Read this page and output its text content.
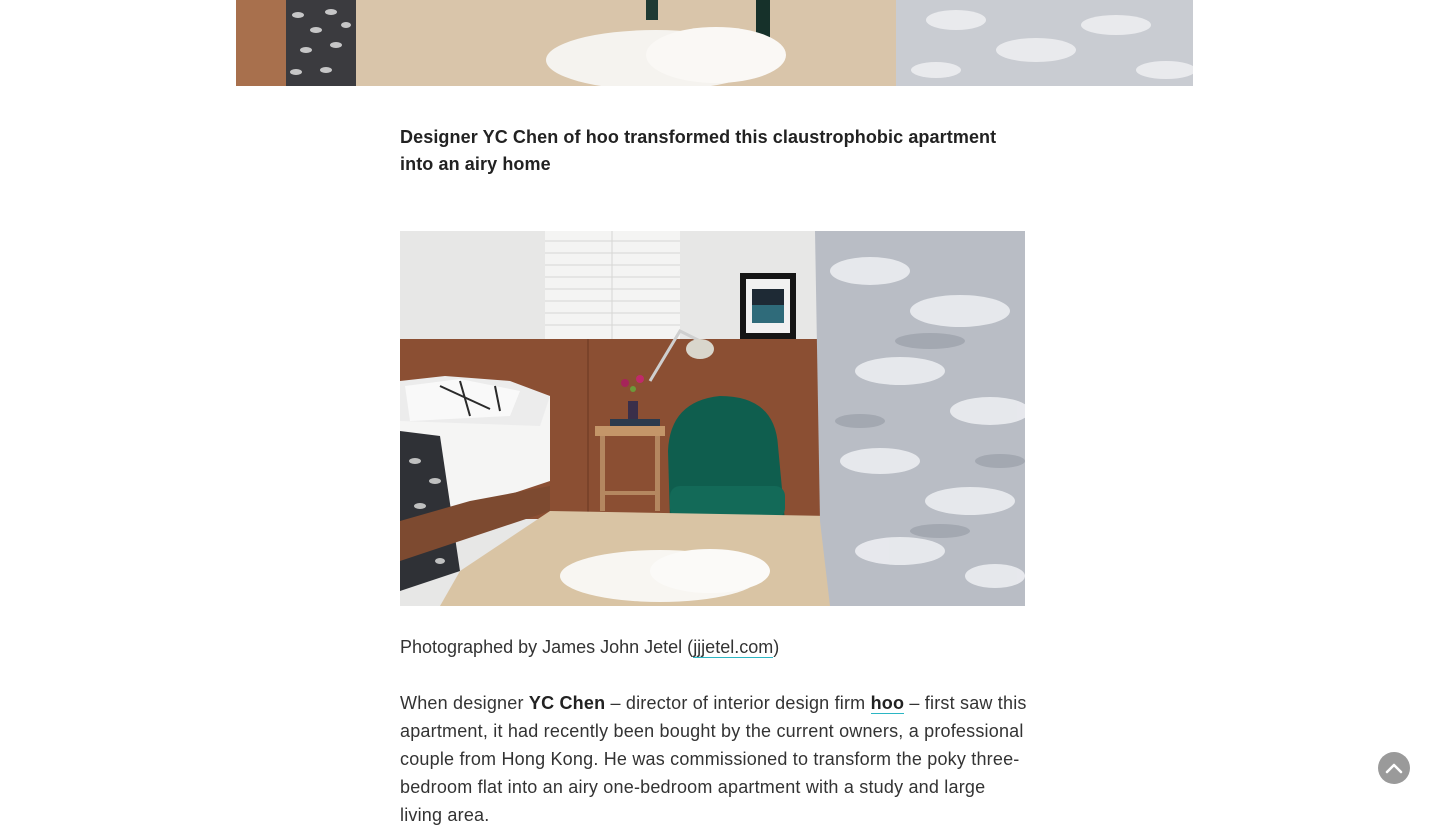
Designer YC Chen of hoo transformed this claustrophobic apartment into an airy home
Photographed by James John Jetel (jjjetel.com)
When designer YC Chen – director of interior design firm hoo – first saw this apartment, it had recently been bought by the current owners, a professional couple from Hong Kong. He was commissioned to transform the poky three-bedroom flat into an airy one-bedroom apartment with a study and large living area.
